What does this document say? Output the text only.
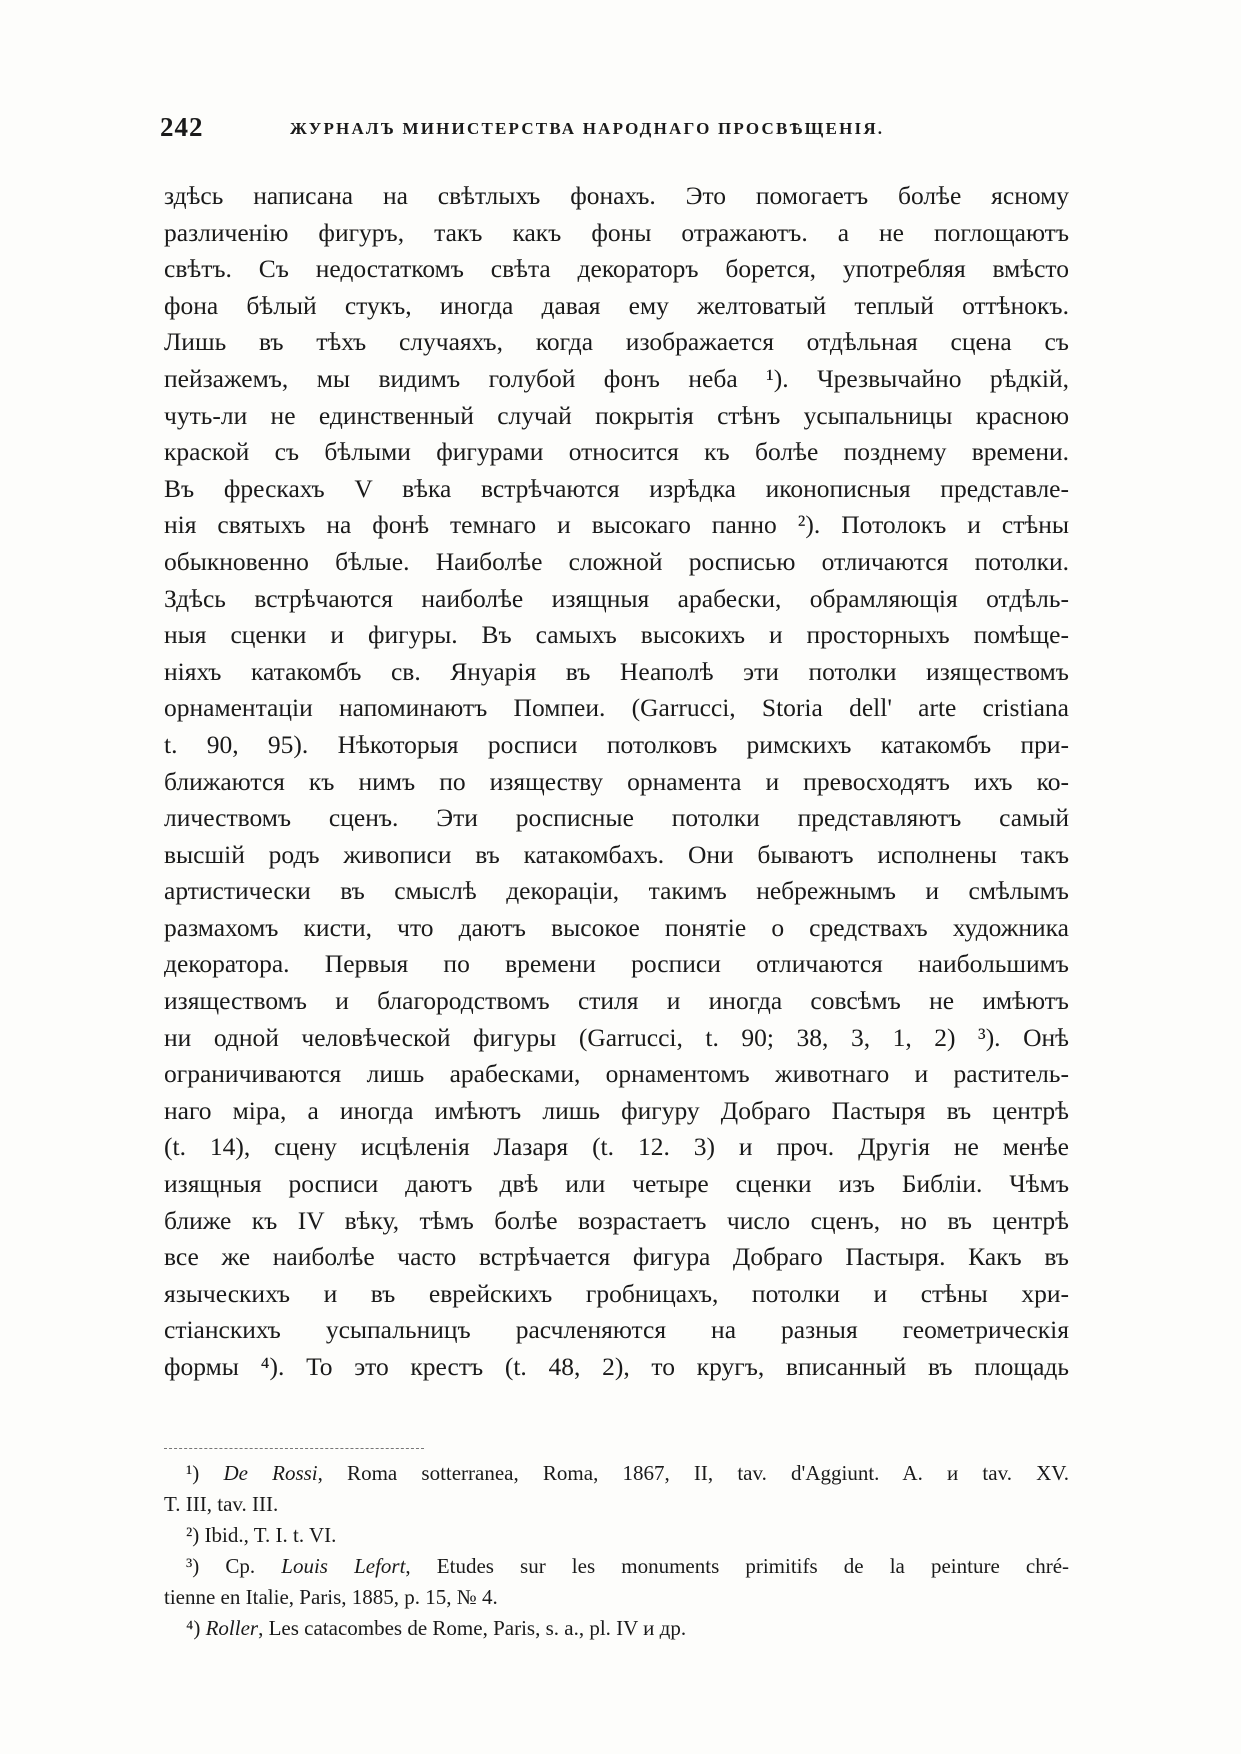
242	ЖУРНАЛЪ МИНИСТЕРСТВА НАРОДНАГО ПРОСВѢЩЕНІЯ.
здѣсь написана на свѣтлыхъ фонахъ. Это помогаетъ болѣе ясному
различенію фигуръ, такъ какъ фоны отражаютъ. а не поглощаютъ
свѣтъ. Съ недостаткомъ свѣта декораторъ борется, употребляя вмѣсто
фона бѣлый стукъ, иногда давая ему желтоватый теплый оттѣнокъ.
Лишь въ тѣхъ случаяхъ, когда изображается отдѣльная сцена съ
пейзажемъ, мы видимъ голубой фонъ неба ¹). Чрезвычайно рѣдкій,
чуть-ли не единственный случай покрытія стѣнъ усыпальницы красною
краской съ бѣлыми фигурами относится къ болѣе позднему времени.
Въ фрескахъ V вѣка встрѣчаются изрѣдка иконописныя представле-
нія святыхъ на фонѣ темнаго и высокаго панно ²). Потолокъ и стѣны
обыкновенно бѣлые. Наиболѣе сложной росписью отличаются потолки.
Здѣсь встрѣчаются наиболѣе изящныя арабески, обрамляющія отдѣль-
ныя сценки и фигуры. Въ самыхъ высокихъ и просторныхъ помѣще-
ніяхъ катакомбъ св. Януарія въ Неаполѣ эти потолки изяществомъ
орнаментаціи напоминаютъ Помпеи. (Garrucci, Storia dell' arte cristiana
t. 90, 95). Нѣкоторыя росписи потолковъ римскихъ катакомбъ при-
ближаются къ нимъ по изяществу орнамента и превосходятъ ихъ ко-
личествомъ сценъ. Эти росписные потолки представляютъ самый
высшій родъ живописи въ катакомбахъ. Они бываютъ исполнены такъ
артистически въ смыслѣ декораціи, такимъ небрежнымъ и смѣлымъ
размахомъ кисти, что даютъ высокое понятіе о средствахъ художника
декоратора. Первыя по времени росписи отличаются наибольшимъ
изяществомъ и благородствомъ стиля и иногда совсѣмъ не имѣютъ
ни одной человѣческой фигуры (Garrucci, t. 90; 38, 3, 1, 2) ³). Онѣ
ограничиваются лишь арабесками, орнаментомъ животнаго и раститель-
наго міра, а иногда имѣютъ лишь фигуру Добраго Пастыря въ центрѣ
(t. 14), сцену исцѣленія Лазаря (t. 12. 3) и проч. Другія не менѣе
изящныя росписи даютъ двѣ или четыре сценки изъ Библіи. Чѣмъ
ближе къ IV вѣку, тѣмъ болѣе возрастаетъ число сценъ, но въ центрѣ
все же наиболѣе часто встрѣчается фигура Добраго Пастыря. Какъ въ
языческихъ и въ еврейскихъ гробницахъ, потолки и стѣны хри-
стіанскихъ усыпальницъ расчленяются на разныя геометрическія
формы ⁴). То это крестъ (t. 48, 2), то кругъ, вписанный въ площадь
¹) De Rossi, Roma sotterranea, Roma, 1867, II, tav. d'Aggiunt. A. и tav. XV.
T. III, tav. III.
²) Ibid., T. I. t. VI.
³) Cp. Louis Lefort, Etudes sur les monuments primitifs de la peinture chré-
tienne en Italie, Paris, 1885, p. 15, № 4.
⁴) Roller, Les catacombes de Rome, Paris, s. a., pl. IV и др.
